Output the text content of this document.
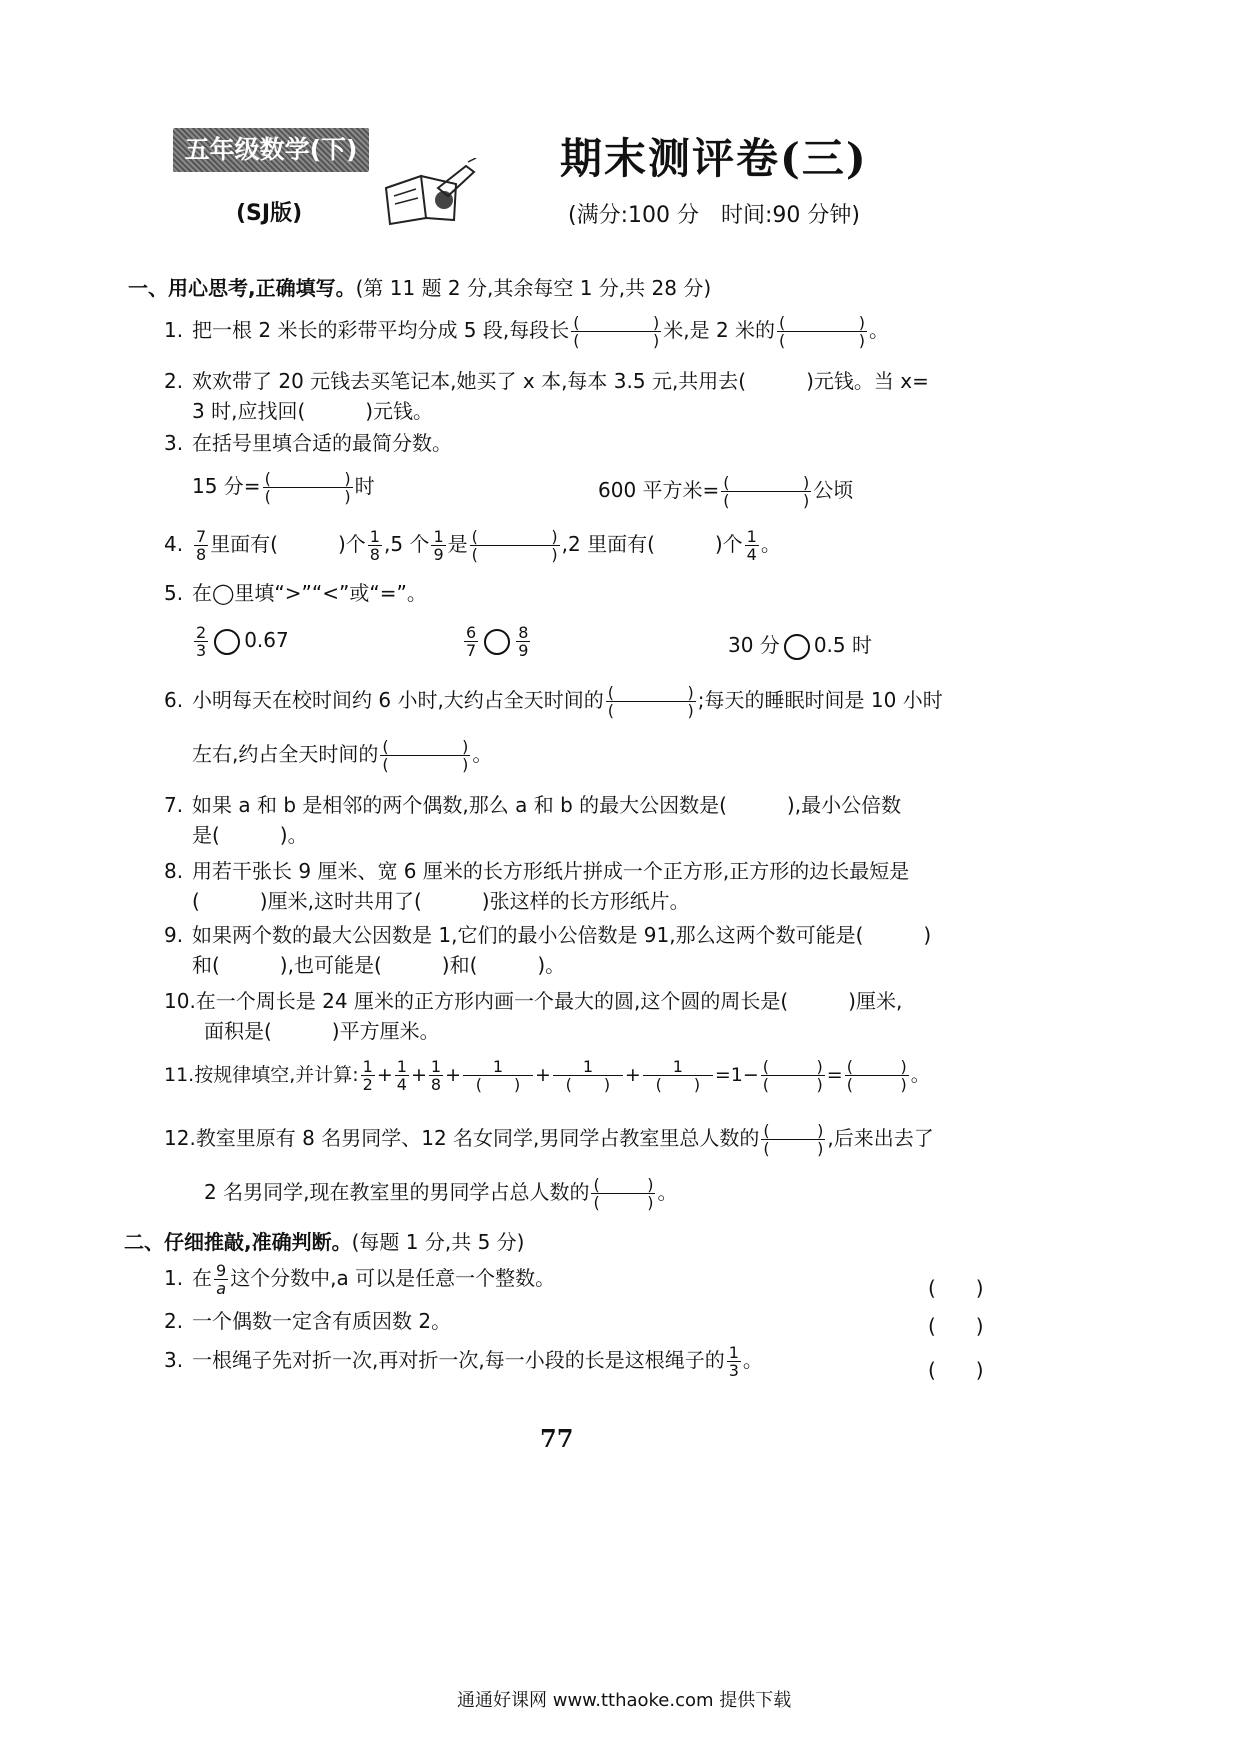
五年级数学(下)
(SJ版)
期末测评卷(三)
(满分:100 分　时间:90 分钟)
一、用心思考,正确填写。(第 11 题 2 分,其余每空 1 分,共 28 分)
1. 把一根 2 米长的彩带平均分成 5 段,每段长 ( ) ( )	米,是 2 米的 ( ) ( )	。
2. 欢欢带了 20 元钱去买笔记本,她买了 x 本,每本 3.5 元,共用去(　　　)元钱。当 x=
3 时,应找回(　　　)元钱。
3. 在括号里填合适的最简分数。
15 分= ( ) ( )	时	600 平方米= ( ) ( )	公顷
4. $\frac{7}{8}$ 里面有(　　　)个 $\frac{1}{8} ,5$ 个 $\frac{1}{9}$ 是 ( ) ( )	,2 里面有(　　　)个 $\frac{1}{4}$ 。
5. 在◯里填“>”“<”或“=”。
$\frac{2}{3} 0.67$	$\frac{6}{7} \frac{8}{9}$	30 分 0.5 时
6. 小明每天在校时间约 6 小时,大约占全天时间的 ( ) ( )	;每天的睡眠时间是 10 小时
左右,约占全天时间的 ( ) ( )	。
7. 如果 a 和 b 是相邻的两个偶数,那么 a 和 b 的最大公因数是(　　　),最小公倍数
是(　　　)。
8. 用若干张长 9 厘米、宽 6 厘米的长方形纸片拼成一个正方形,正方形的边长最短是
(　　　)厘米,这时共用了(　　　)张这样的长方形纸片。
9. 如果两个数的最大公因数是 1,它们的最小公倍数是 91,那么这两个数可能是(　　　)
和(　　　),也可能是(　　　)和(　　　)。
10.在一个周长是 24 厘米的正方形内画一个最大的圆,这个圆的周长是(　　　)厘米,
面积是(　　　)平方厘米。
11.按规律填空,并计算: $\frac{1}{2} + \frac{1}{4} + \frac{1}{8} + \frac{1}{( )} + \frac{1}{( )} + \frac{1}{( )} =1-$ ( ) ( )	= ( ) ( )	。
12.教室里原有 8 名男同学、12 名女同学,男同学占教室里总人数的 ( ) ( )	,后来出去了
2 名男同学,现在教室里的男同学占总人数的 ( ) ( )	。
二、仔细推敲,准确判断。(每题 1 分,共 5 分)
1. 在 $\frac{9}{a}$ 这个分数中,a 可以是任意一个整数。	(　　)
2. 一个偶数一定含有质因数 2。	(　　)
3. 一根绳子先对折一次,再对折一次,每一小段的长是这根绳子的 $\frac{1}{3}$ 。	(　　)
77
通通好课网 www.tthaoke.com 提供下载
